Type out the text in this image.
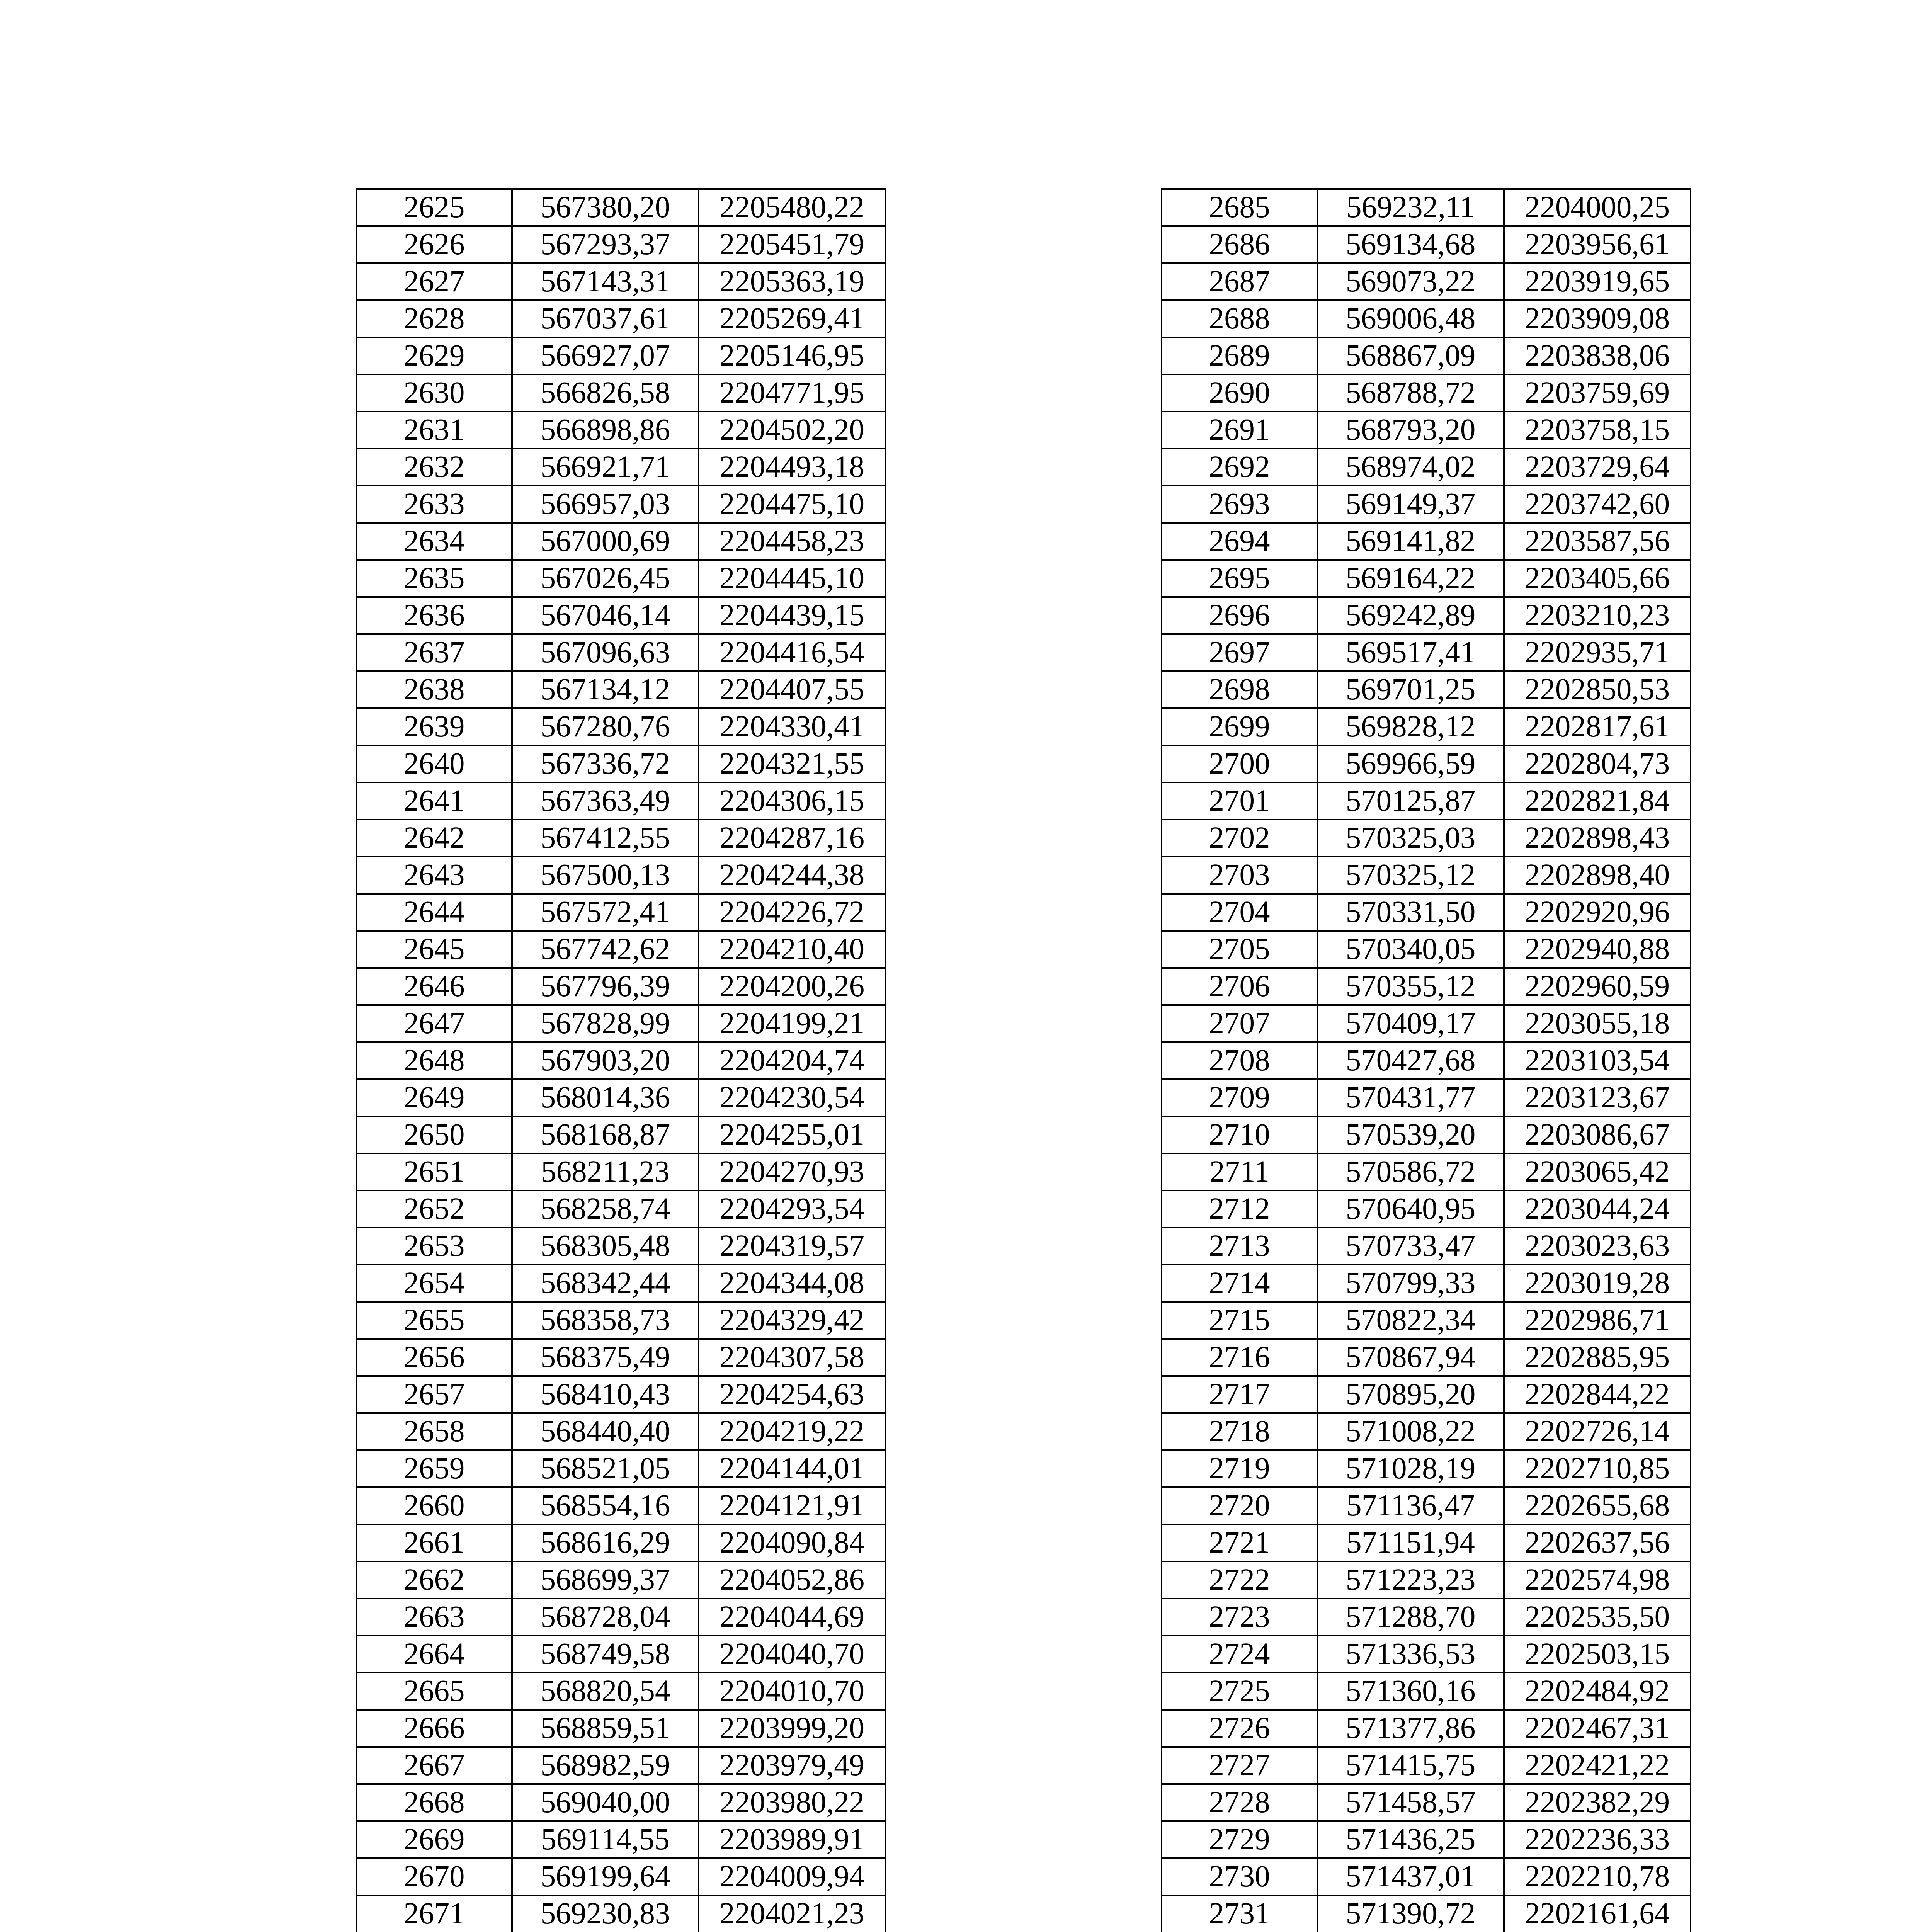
2625	567380,20	2205480,22
2626	567293,37	2205451,79
2627	567143,31	2205363,19
2628	567037,61	2205269,41
2629	566927,07	2205146,95
2630	566826,58	2204771,95
2631	566898,86	2204502,20
2632	566921,71	2204493,18
2633	566957,03	2204475,10
2634	567000,69	2204458,23
2635	567026,45	2204445,10
2636	567046,14	2204439,15
2637	567096,63	2204416,54
2638	567134,12	2204407,55
2639	567280,76	2204330,41
2640	567336,72	2204321,55
2641	567363,49	2204306,15
2642	567412,55	2204287,16
2643	567500,13	2204244,38
2644	567572,41	2204226,72
2645	567742,62	2204210,40
2646	567796,39	2204200,26
2647	567828,99	2204199,21
2648	567903,20	2204204,74
2649	568014,36	2204230,54
2650	568168,87	2204255,01
2651	568211,23	2204270,93
2652	568258,74	2204293,54
2653	568305,48	2204319,57
2654	568342,44	2204344,08
2655	568358,73	2204329,42
2656	568375,49	2204307,58
2657	568410,43	2204254,63
2658	568440,40	2204219,22
2659	568521,05	2204144,01
2660	568554,16	2204121,91
2661	568616,29	2204090,84
2662	568699,37	2204052,86
2663	568728,04	2204044,69
2664	568749,58	2204040,70
2665	568820,54	2204010,70
2666	568859,51	2203999,20
2667	568982,59	2203979,49
2668	569040,00	2203980,22
2669	569114,55	2203989,91
2670	569199,64	2204009,94
2671	569230,83	2204021,23

2685	569232,11	2204000,25
2686	569134,68	2203956,61
2687	569073,22	2203919,65
2688	569006,48	2203909,08
2689	568867,09	2203838,06
2690	568788,72	2203759,69
2691	568793,20	2203758,15
2692	568974,02	2203729,64
2693	569149,37	2203742,60
2694	569141,82	2203587,56
2695	569164,22	2203405,66
2696	569242,89	2203210,23
2697	569517,41	2202935,71
2698	569701,25	2202850,53
2699	569828,12	2202817,61
2700	569966,59	2202804,73
2701	570125,87	2202821,84
2702	570325,03	2202898,43
2703	570325,12	2202898,40
2704	570331,50	2202920,96
2705	570340,05	2202940,88
2706	570355,12	2202960,59
2707	570409,17	2203055,18
2708	570427,68	2203103,54
2709	570431,77	2203123,67
2710	570539,20	2203086,67
2711	570586,72	2203065,42
2712	570640,95	2203044,24
2713	570733,47	2203023,63
2714	570799,33	2203019,28
2715	570822,34	2202986,71
2716	570867,94	2202885,95
2717	570895,20	2202844,22
2718	571008,22	2202726,14
2719	571028,19	2202710,85
2720	571136,47	2202655,68
2721	571151,94	2202637,56
2722	571223,23	2202574,98
2723	571288,70	2202535,50
2724	571336,53	2202503,15
2725	571360,16	2202484,92
2726	571377,86	2202467,31
2727	571415,75	2202421,22
2728	571458,57	2202382,29
2729	571436,25	2202236,33
2730	571437,01	2202210,78
2731	571390,72	2202161,64
